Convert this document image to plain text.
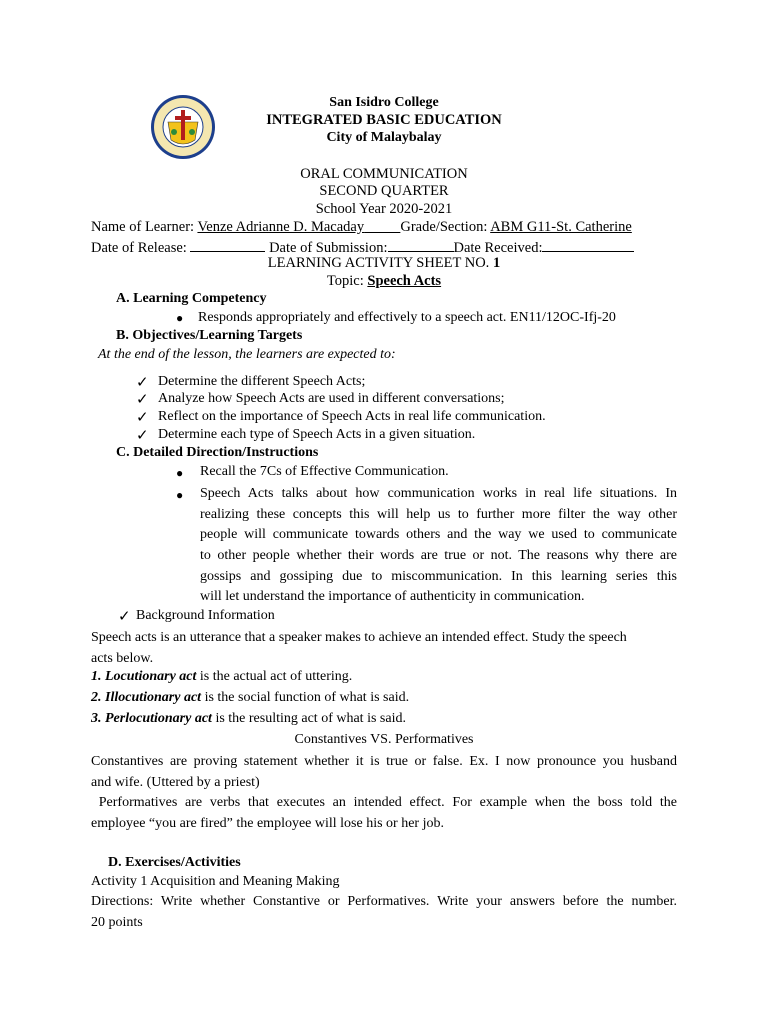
San Isidro College
INTEGRATED BASIC EDUCATION
City of Malaybalay
ORAL COMMUNICATION
SECOND QUARTER
School Year 2020-2021
Name of Learner: Venze Adrianne D. Macaday   	Grade/Section: ABM G11-St. Catherine
Date of Release:	Date of Submission:	Date Received:
LEARNING ACTIVITY SHEET NO. 1
Topic: Speech Acts
A. Learning Competency
● Responds appropriately and effectively to a speech act. EN11/12OC-Ifj-20
B. Objectives/Learning Targets
At the end of the lesson, the learners are expected to:
✓ Determine the different Speech Acts;
✓ Analyze how Speech Acts are used in different conversations;
✓ Reflect on the importance of Speech Acts in real life communication.
✓ Determine each type of Speech Acts in a given situation.
C. Detailed Direction/Instructions
● Recall the 7Cs of Effective Communication.
● Speech Acts talks about how communication works in real life situations. In
realizing these concepts this will help us to further more filter the way other
people will communicate towards others and the way we used to communicate
to other people whether their words are true or not. The reasons why there are
gossips and gossiping due to miscommunication. In this learning series this
will let understand the importance of authenticity in communication.
✓ Background Information
Speech acts is an utterance that a speaker makes to achieve an intended effect. Study the speech
acts below.
1. Locutionary act is the actual act of uttering.
2. Illocutionary act is the social function of what is said.
3. Perlocutionary act is the resulting act of what is said.
Constantives VS. Performatives
Constantives are proving statement whether it is true or false. Ex. I now pronounce you husband
and wife. (Uttered by a priest)
Performatives are verbs that executes an intended effect. For example when the boss told the
employee “you are fired” the employee will lose his or her job.
D. Exercises/Activities
Activity 1 Acquisition and Meaning Making
Directions: Write whether Constantive or Performatives. Write your answers before the number.
20 points
